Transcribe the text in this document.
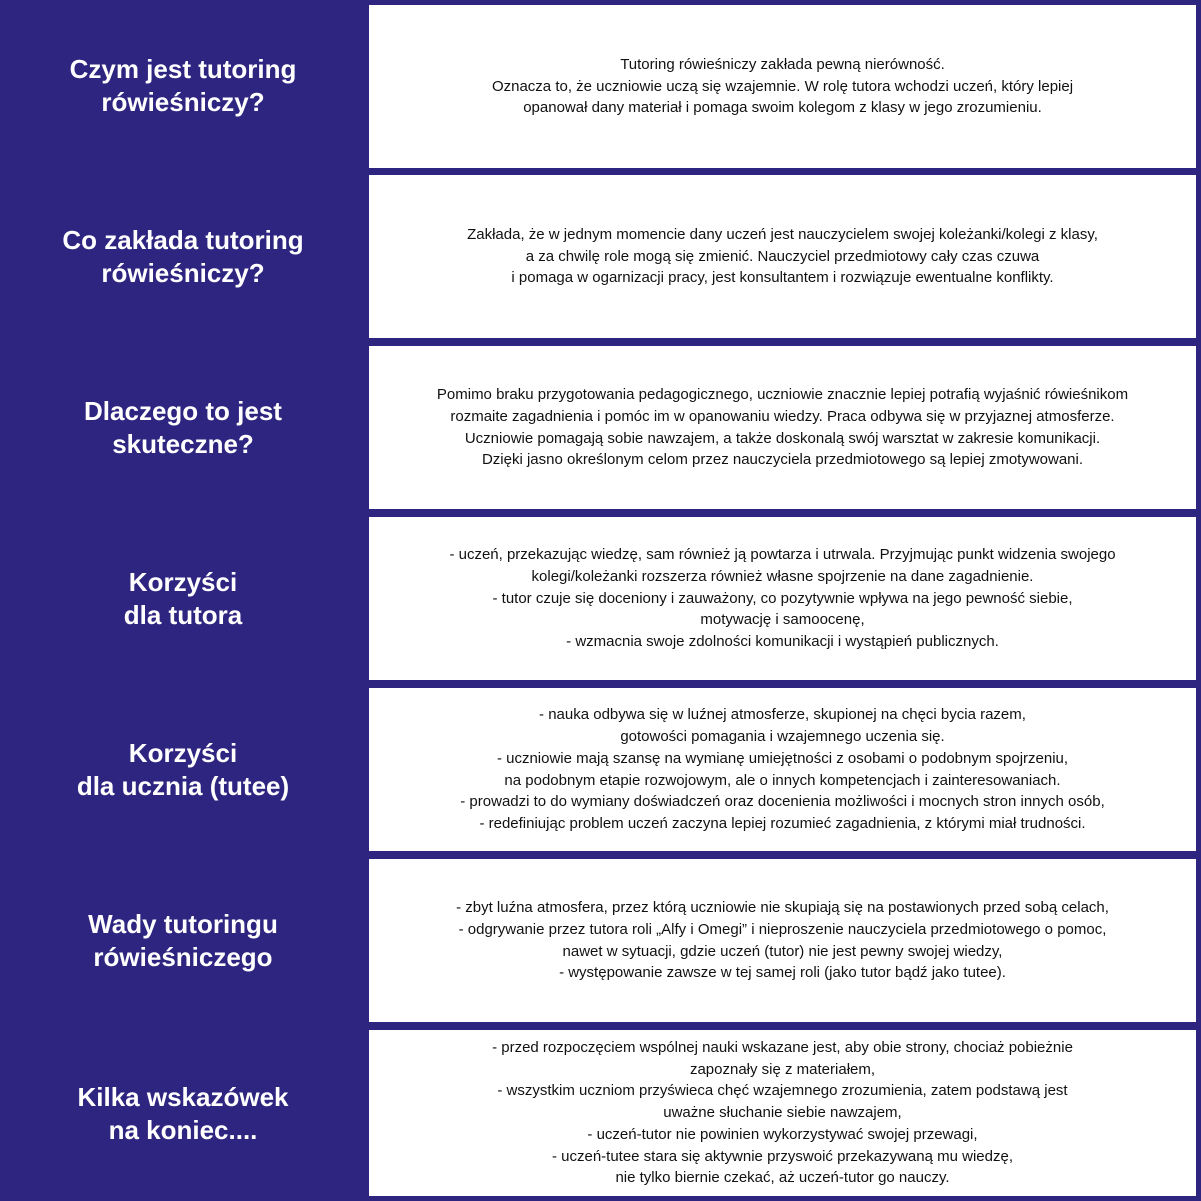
Czym jest tutoring
rówieśniczy?
Tutoring rówieśniczy zakłada pewną nierówność.
Oznacza to, że uczniowie uczą się wzajemnie. W rolę tutora wchodzi uczeń, który lepiej
opanował dany materiał i pomaga swoim kolegom z klasy w jego zrozumieniu.
Co zakłada tutoring
rówieśniczy?
Zakłada, że w jednym momencie dany uczeń jest nauczycielem swojej koleżanki/kolegi z klasy,
a za chwilę role mogą się zmienić. Nauczyciel przedmiotowy cały czas czuwa
i pomaga w ogarnizacji pracy, jest konsultantem i rozwiązuje ewentualne konflikty.
Dlaczego to jest
skuteczne?
Pomimo braku przygotowania pedagogicznego, uczniowie znacznie lepiej potrafią wyjaśnić rówieśnikom
rozmaite zagadnienia i pomóc im w opanowaniu wiedzy. Praca odbywa się w przyjaznej atmosferze.
Uczniowie pomagają sobie nawzajem, a także doskonalą swój warsztat w zakresie komunikacji.
Dzięki jasno określonym celom przez nauczyciela przedmiotowego są lepiej zmotywowani.
Korzyści
dla tutora
- uczeń, przekazując wiedzę, sam również ją powtarza i utrwala. Przyjmując punkt widzenia swojego
kolegi/koleżanki rozszerza również własne spojrzenie na dane zagadnienie.
- tutor czuje się doceniony i zauważony, co pozytywnie wpływa na jego pewność siebie,
motywację i samoocenę,
- wzmacnia swoje zdolności komunikacji i wystąpień publicznych.
Korzyści
dla ucznia (tutee)
- nauka odbywa się w luźnej atmosferze, skupionej na chęci bycia razem,
gotowości pomagania i wzajemnego uczenia się.
- uczniowie mają szansę na wymianę umiejętności z osobami o podobnym spojrzeniu,
na podobnym etapie rozwojowym, ale o innych kompetencjach i zainteresowaniach.
- prowadzi to do wymiany doświadczeń oraz docenienia możliwości i mocnych stron innych osób,
- redefiniując problem uczeń zaczyna lepiej rozumieć zagadnienia, z którymi miał trudności.
Wady tutoringu
rówieśniczego
- zbyt luźna atmosfera, przez którą uczniowie nie skupiają się na postawionych przed sobą celach,
- odgrywanie przez tutora roli „Alfy i Omegi” i nieproszenie nauczyciela przedmiotowego o pomoc,
nawet w sytuacji, gdzie uczeń (tutor) nie jest pewny swojej wiedzy,
- występowanie zawsze w tej samej roli (jako tutor bądź jako tutee).
Kilka wskazówek
na koniec....
- przed rozpoczęciem wspólnej nauki wskazane jest, aby obie strony, chociaż pobieżnie
zapoznały się z materiałem,
- wszystkim uczniom przyświeca chęć wzajemnego zrozumienia, zatem podstawą jest
uważne słuchanie siebie nawzajem,
- uczeń-tutor nie powinien wykorzystywać swojej przewagi,
- uczeń-tutee stara się aktywnie przyswoić przekazywaną mu wiedzę,
nie tylko biernie czekać, aż uczeń-tutor go nauczy.
